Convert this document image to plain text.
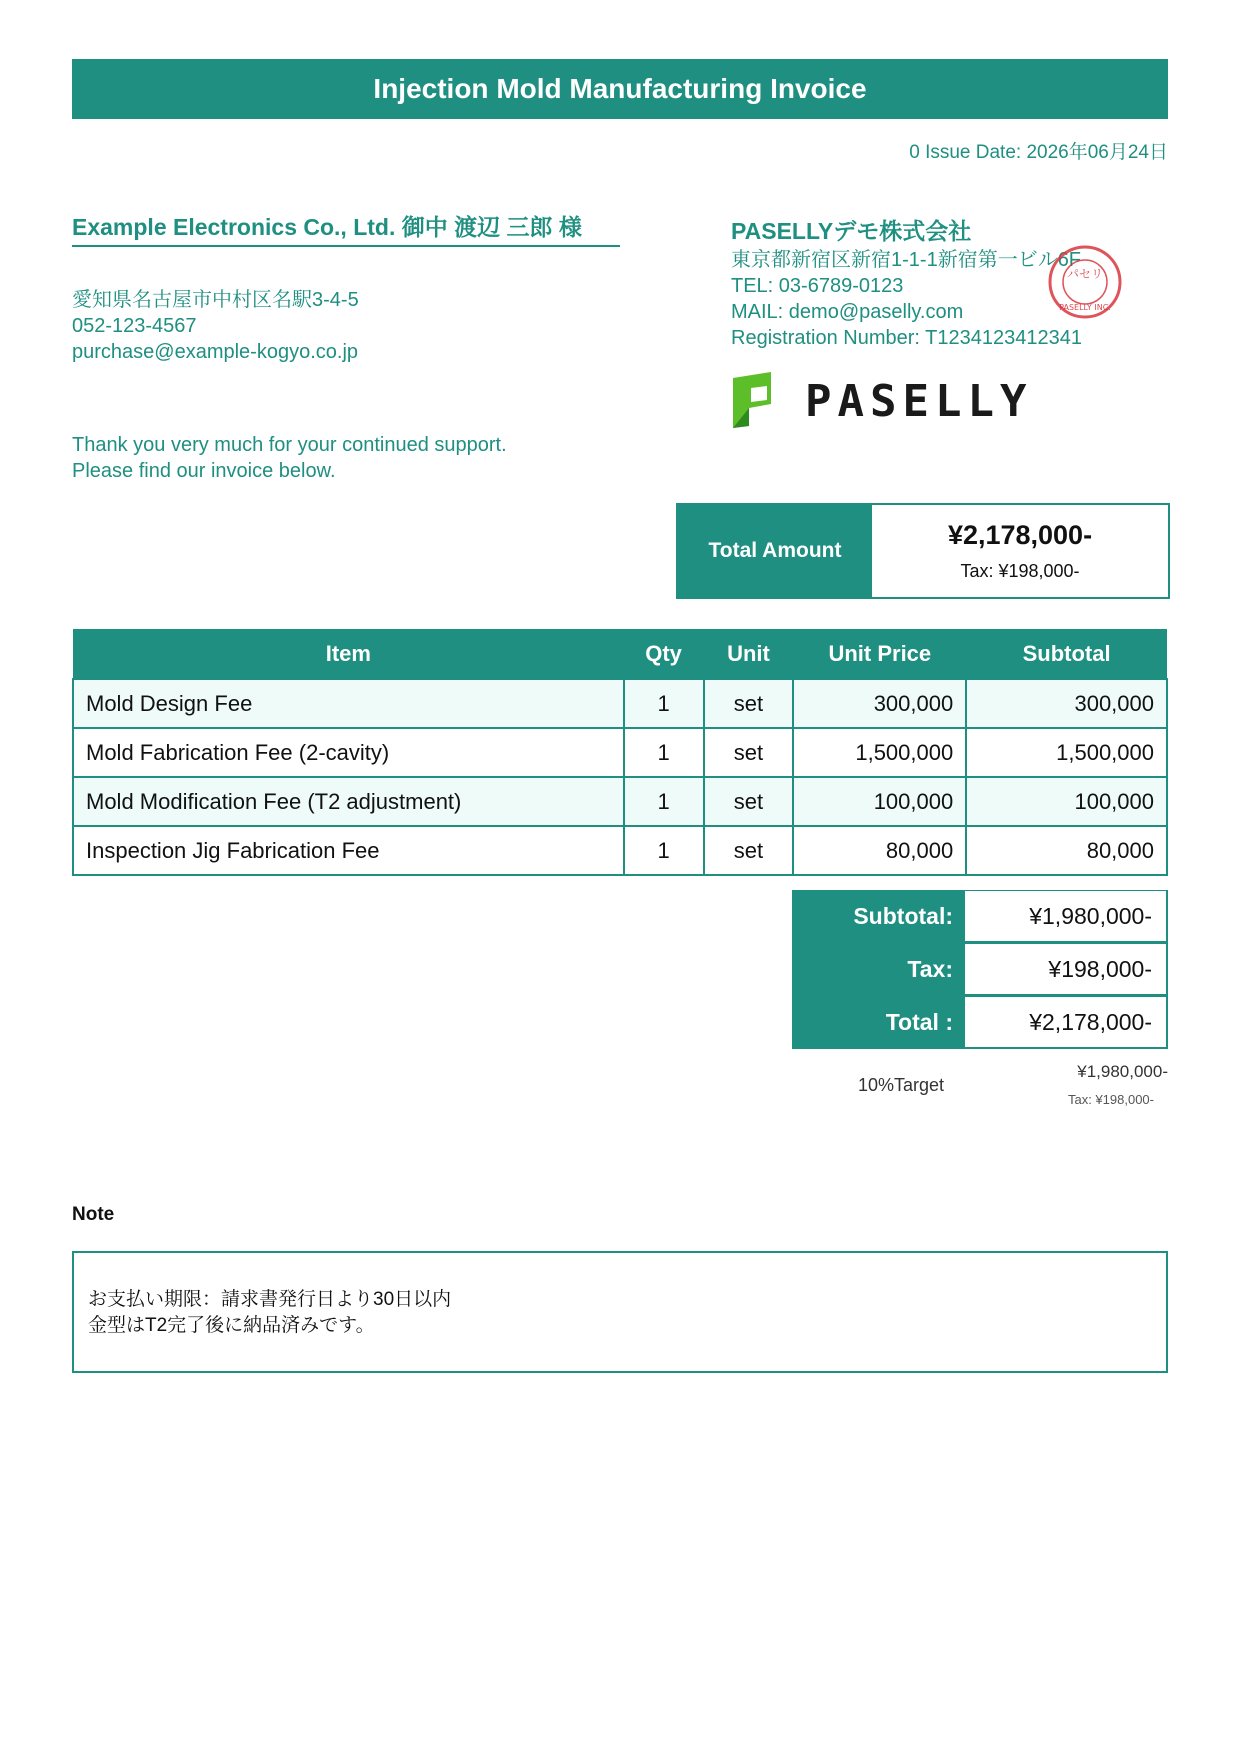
Injection Mold Manufacturing Invoice
0 Issue Date: 2026年06月24日
Example Electronics Co., Ltd. 御中 渡辺 三郎 様
愛知県名古屋市中村区名駅3-4-5
052-123-4567
purchase@example-kogyo.co.jp
Thank you very much for your continued support.
Please find our invoice below.
PASELLYデモ株式会社
東京都新宿区新宿1-1-1新宿第一ビル6F
TEL: 03-6789-0123
MAIL: demo@paselly.com
Registration Number: T1234123412341
パセリ
PASELLY INC.
PASELLY
Total Amount
¥2,178,000-
Tax: ¥198,000-
Item	Qty	Unit	Unit Price	Subtotal
Mold Design Fee	1	set	300,000	300,000
Mold Fabrication Fee (2-cavity)	1	set	1,500,000	1,500,000
Mold Modification Fee (T2 adjustment)	1	set	100,000	100,000
Inspection Jig Fabrication Fee	1	set	80,000	80,000
Subtotal:	¥1,980,000-
Tax:	¥198,000-
Total :	¥2,178,000-
10%Target
¥1,980,000-
Tax: ¥198,000-
Note
お支払い期限：請求書発行日より30日以内
金型はT2完了後に納品済みです。
